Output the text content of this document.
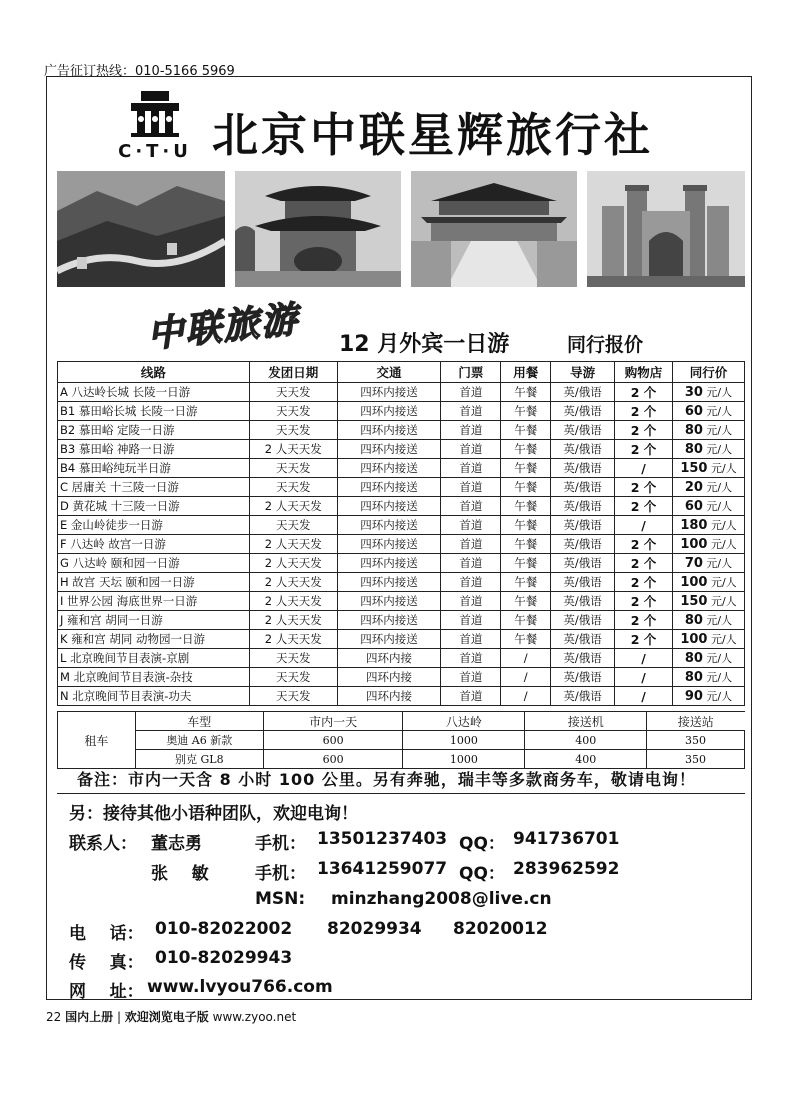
广告征订热线：010-5166 5969
C·T·U 北京中联星辉旅行社
中联旅游 12 月外宾一日游	同行报价
线路	发团日期	交通	门票	用餐	导游	购物店	同行价
A 八达岭长城 长陵一日游	天天发	四环内接送	首道	午餐	英/俄语	2 个	30 元/人
B1 慕田峪长城 长陵一日游	天天发	四环内接送	首道	午餐	英/俄语	2 个	60 元/人
B2 慕田峪 定陵一日游	天天发	四环内接送	首道	午餐	英/俄语	2 个	80 元/人
B3 慕田峪 神路一日游	2 人天天发	四环内接送	首道	午餐	英/俄语	2 个	80 元/人
B4 慕田峪纯玩半日游	天天发	四环内接送	首道	午餐	英/俄语	/	150 元/人
C 居庸关 十三陵一日游	天天发	四环内接送	首道	午餐	英/俄语	2 个	20 元/人
D 黄花城 十三陵一日游	2 人天天发	四环内接送	首道	午餐	英/俄语	2 个	60 元/人
E 金山岭徒步一日游	天天发	四环内接送	首道	午餐	英/俄语	/	180 元/人
F 八达岭 故宫一日游	2 人天天发	四环内接送	首道	午餐	英/俄语	2 个	100 元/人
G 八达岭 颐和园一日游	2 人天天发	四环内接送	首道	午餐	英/俄语	2 个	70 元/人
H 故宫 天坛 颐和园一日游	2 人天天发	四环内接送	首道	午餐	英/俄语	2 个	100 元/人
I 世界公园 海底世界一日游	2 人天天发	四环内接送	首道	午餐	英/俄语	2 个	150 元/人
J 雍和宫 胡同一日游	2 人天天发	四环内接送	首道	午餐	英/俄语	2 个	80 元/人
K 雍和宫 胡同 动物园一日游	2 人天天发	四环内接送	首道	午餐	英/俄语	2 个	100 元/人
L 北京晚间节目表演-京剧	天天发	四环内接	首道	/	英/俄语	/	80 元/人
M 北京晚间节目表演-杂技	天天发	四环内接	首道	/	英/俄语	/	80 元/人
N 北京晚间节目表演-功夫	天天发	四环内接	首道	/	英/俄语	/	90 元/人
租车	车型	市内一天	八达岭	接送机	接送站
	奥迪 A6 新款	600	1000	400	350
	别克 GL8	600	1000	400	350
备注：市内一天含 8 小时 100 公里。另有奔驰，瑞丰等多款商务车，敬请电询！
另：接待其他小语种团队，欢迎电询！
联系人： 董志勇	手机： 13501237403 QQ： 941736701
张    敏	手机： 13641259077 QQ： 283962592
MSN: minzhang2008@live.cn
电    话： 010-82022002 82029934 82020012
传    真： 010-82029943
网    址： www.lvyou766.com
22 国内上册 | 欢迎浏览电子版 www.zyoo.net
